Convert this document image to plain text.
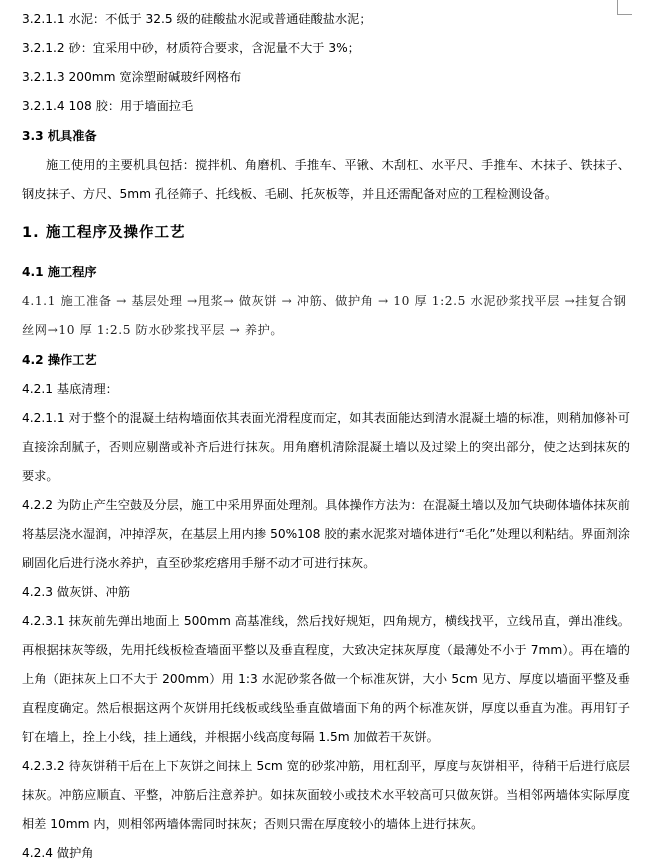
3.2.1.1 水泥：不低于 32.5 级的硅酸盐水泥或普通硅酸盐水泥；
3.2.1.2 砂：宜采用中砂，材质符合要求，含泥量不大于 3%；
3.2.1.3 200mm 宽涂塑耐碱玻纤网格布
3.2.1.4 108 胶：用于墙面拉毛
3.3 机具准备
施工使用的主要机具包括：搅拌机、角磨机、手推车、平锹、木刮杠、水平尺、手推车、木抹子、铁抹子、钢皮抹子、方尺、5mm 孔径筛子、托线板、毛刷、托灰板等，并且还需配备对应的工程检测设备。
1. 施工程序及操作工艺
4.1 施工程序
4.1.1 施工准备 → 基层处理 →甩浆→ 做灰饼 → 冲筋、做护角 → 10 厚 1:2.5 水泥砂浆找平层 →挂复合钢丝网→10 厚 1:2.5 防水砂浆找平层 → 养护。
4.2 操作工艺
4.2.1 基底清理：
4.2.1.1 对于整个的混凝土结构墙面依其表面光滑程度而定，如其表面能达到清水混凝土墙的标准，则稍加修补可直接涂刮腻子，否则应剔凿或补齐后进行抹灰。用角磨机清除混凝土墙以及过梁上的突出部分，使之达到抹灰的要求。
4.2.2 为防止产生空鼓及分层，施工中采用界面处理剂。具体操作方法为：在混凝土墙以及加气块砌体墙体抹灰前将基层浇水湿润，冲掉浮灰，在基层上用内掺 50%108 胶的素水泥浆对墙体进行“毛化”处理以利粘结。界面剂涂刷固化后进行浇水养护，直至砂浆疙瘩用手掰不动才可进行抹灰。
4.2.3 做灰饼、冲筋
4.2.3.1 抹灰前先弹出地面上 500mm 高基准线，然后找好规矩，四角规方，横线找平，立线吊直，弹出准线。再根据抹灰等级，先用托线板检查墙面平整以及垂直程度，大致决定抹灰厚度（最薄处不小于 7mm）。再在墙的上角（距抹灰上口不大于 200mm）用 1:3 水泥砂浆各做一个标准灰饼，大小 5cm 见方、厚度以墙面平整及垂直程度确定。然后根据这两个灰饼用托线板或线坠垂直做墙面下角的两个标准灰饼，厚度以垂直为准。再用钉子钉在墙上，拴上小线，挂上通线，并根据小线高度每隔 1.5m 加做若干灰饼。
4.2.3.2 待灰饼稍干后在上下灰饼之间抹上 5cm 宽的砂浆冲筋，用杠刮平，厚度与灰饼相平，待稍干后进行底层抹灰。冲筋应顺直、平整，冲筋后注意养护。如抹灰面较小或技术水平较高可只做灰饼。当相邻两墙体实际厚度相差 10mm 内，则相邻两墙体需同时抹灰；否则只需在厚度较小的墙体上进行抹灰。
4.2.4 做护角
